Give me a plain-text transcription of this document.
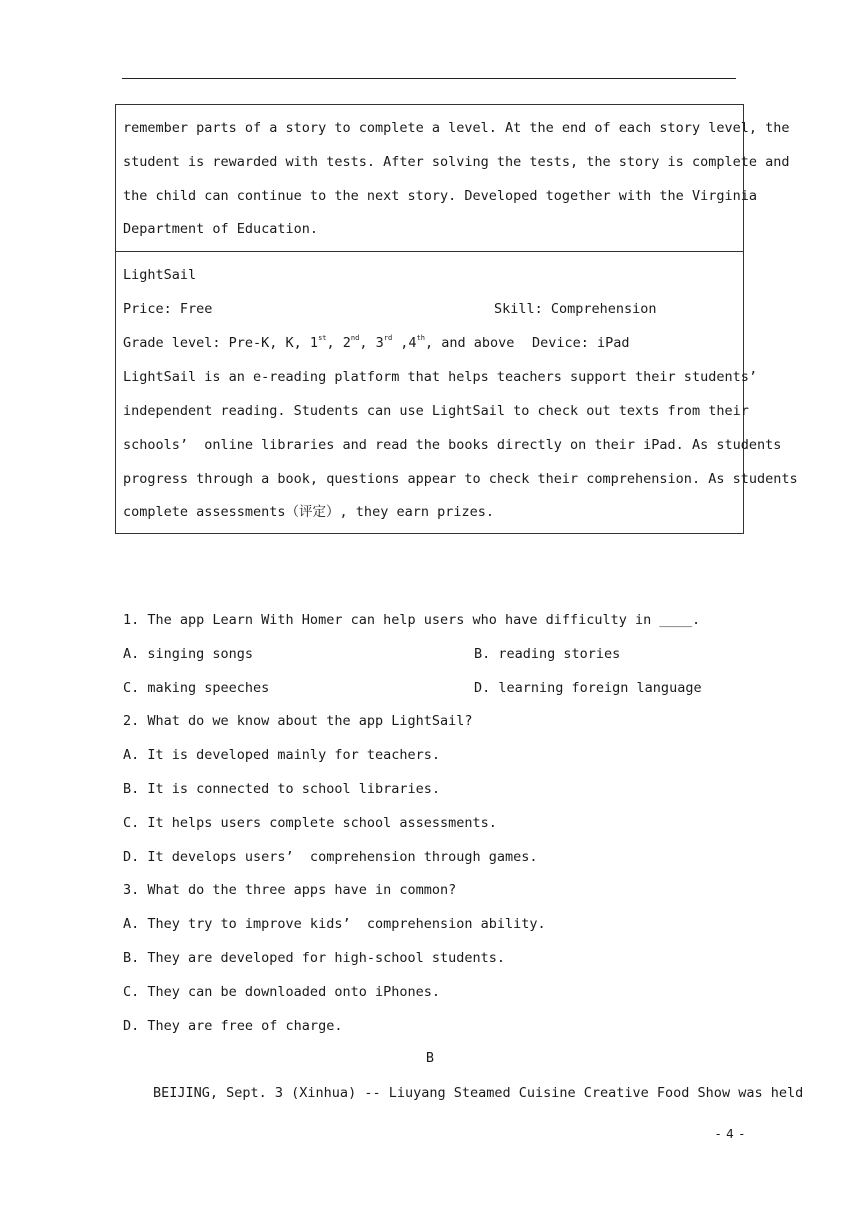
remember parts of a story to complete a level. At the end of each story level, the
student is rewarded with tests. After solving the tests, the story is complete and
the child can continue to the next story. Developed together with the Virginia
Department of Education.
LightSail
Price: Free	Skill: Comprehension
Grade level: Pre-K, K, 1st, 2nd, 3rd ,4th, and above Device: iPad
LightSail is an e-reading platform that helps teachers support their students’
independent reading. Students can use LightSail to check out texts from their
schools’  online libraries and read the books directly on their iPad. As students
progress through a book, questions appear to check their comprehension. As students
complete assessments（评定）, they earn prizes.
1. The app Learn With Homer can help users who have difficulty in ____.
A. singing songs	B. reading stories
C. making speeches	D. learning foreign language
2. What do we know about the app LightSail?
A. It is developed mainly for teachers.
B. It is connected to school libraries.
C. It helps users complete school assessments.
D. It develops users’  comprehension through games.
3. What do the three apps have in common?
A. They try to improve kids’  comprehension ability.
B. They are developed for high-school students.
C. They can be downloaded onto iPhones.
D. They are free of charge.
B
BEIJING, Sept. 3 (Xinhua) -- Liuyang Steamed Cuisine Creative Food Show was held
- 4 -
